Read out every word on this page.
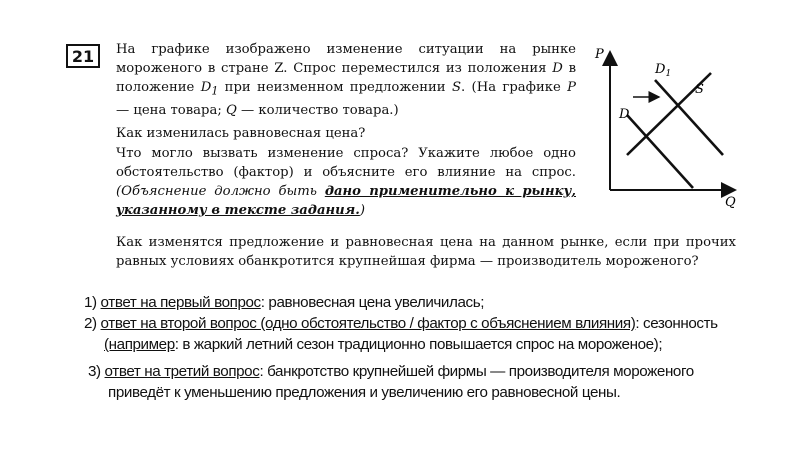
21	На графике изображено изменение ситуации на рынке мороженого в стране Z. Спрос переместился из положения D в положение $D_1$ при неизменном предложении S. (На графике P — цена товара; Q — количество товара.)

Как изменилась равновесная цена?
Что могло вызвать изменение спроса? Укажите любое одно обстоятельство (фактор) и объясните его влияние на спрос. (Объяснение должно быть дано применительно к рынку, указанному в тексте задания.)

Как изменятся предложение и равновесная цена на данном рынке, если при прочих равных условиях обанкротится крупнейшая фирма — производитель мороженого?

P
Q
D
$D_1$
S
1) ответ на первый вопрос: равновесная цена увеличилась;
2) ответ на второй вопрос (одно обстоятельство / фактор с объяснением влияния): сезонность
(например: в жаркий летний сезон традиционно повышается спрос на мороженое);
3) ответ на третий вопрос: банкротство крупнейшей фирмы — производителя мороженого
приведёт к уменьшению предложения и увеличению его равновесной цены.
